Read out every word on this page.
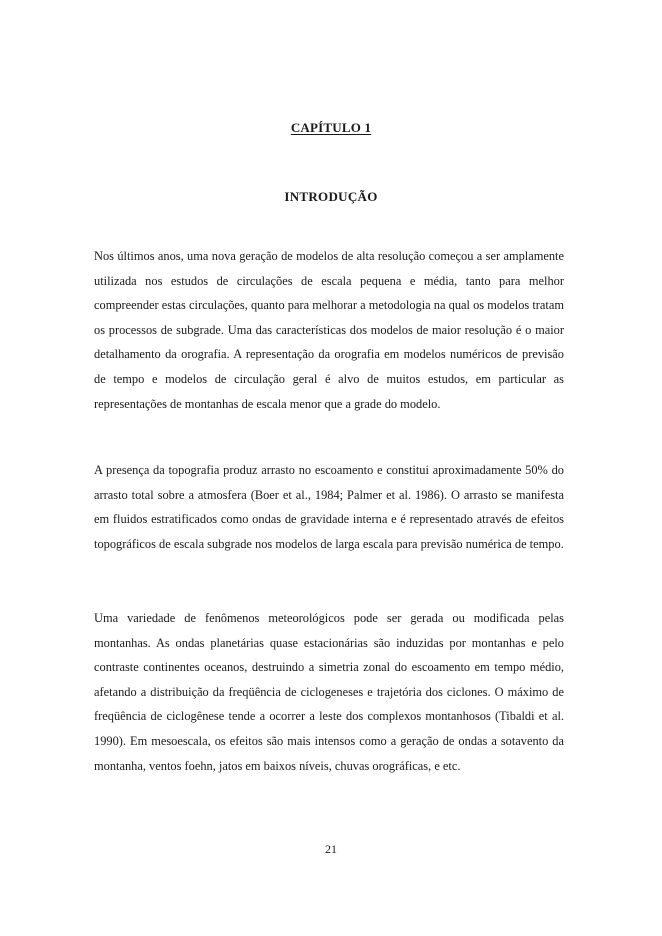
CAPÍTULO 1
INTRODUÇÃO

Nos últimos anos, uma nova geração de modelos de alta resolução começou a ser amplamente utilizada nos estudos de circulações de escala pequena e média, tanto para melhor compreender estas circulações, quanto para melhorar a metodologia na qual os modelos tratam os processos de subgrade. Uma das características dos modelos de maior resolução é o maior detalhamento da orografia. A representação da orografia em modelos numéricos de previsão de tempo e modelos de circulação geral é alvo de muitos estudos, em particular as representações de montanhas de escala menor que a grade do modelo.

A presença da topografia produz arrasto no escoamento e constitui aproximadamente 50% do arrasto total sobre a atmosfera (Boer et al., 1984; Palmer et al. 1986). O arrasto se manifesta em fluidos estratificados como ondas de gravidade interna e é representado através de efeitos topográficos de escala subgrade nos modelos de larga escala para previsão numérica de tempo.

Uma variedade de fenômenos meteorológicos pode ser gerada ou modificada pelas montanhas. As ondas planetárias quase estacionárias são induzidas por montanhas e pelo contraste continentes oceanos, destruindo a simetria zonal do escoamento em tempo médio, afetando a distribuição da freqüência de ciclogeneses e trajetória dos ciclones. O máximo de freqüência de ciclogênese tende a ocorrer a leste dos complexos montanhosos (Tibaldi et al. 1990). Em mesoescala, os efeitos são mais intensos como a geração de ondas a sotavento da montanha, ventos foehn, jatos em baixos níveis, chuvas orográficas, e etc.

21
